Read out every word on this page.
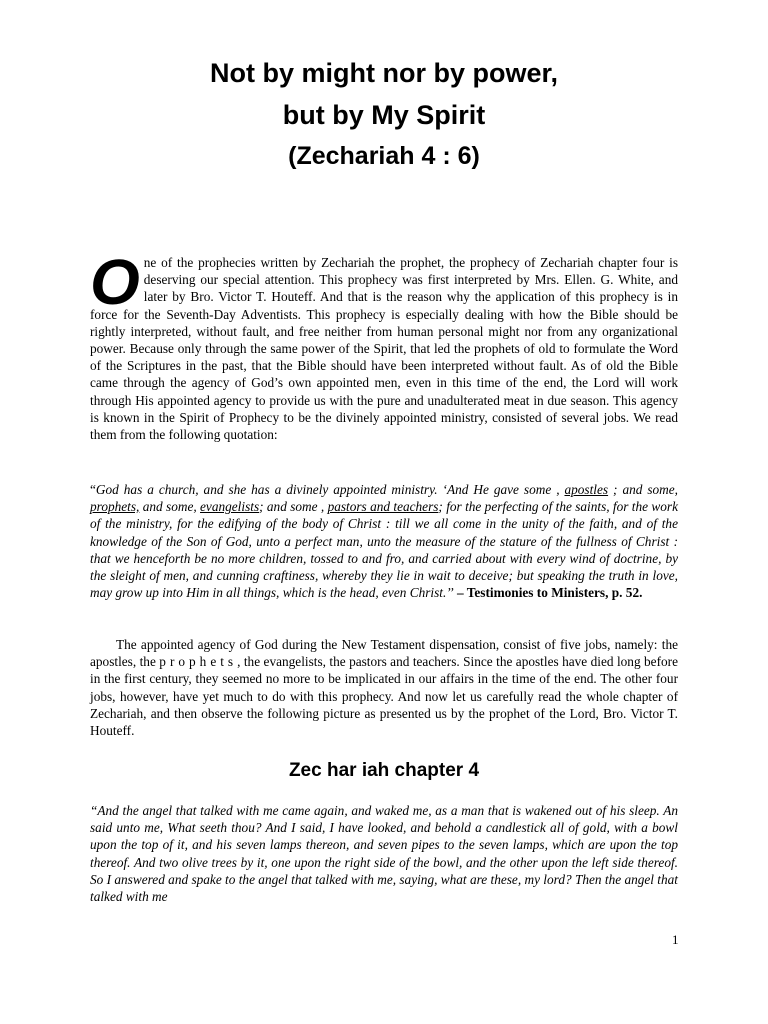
Not by might nor by power,
but by My Spirit
(Zechariah 4 : 6)

One of the prophecies written by Zechariah the prophet, the prophecy of Zechariah chapter four is deserving our special attention. This prophecy was first interpreted by Mrs. Ellen. G. White, and later by Bro. Victor T. Houteff. And that is the reason why the application of this prophecy is in force for the Seventh-Day Adventists. This prophecy is especially dealing with how the Bible should be rightly interpreted, without fault, and free neither from human personal might nor from any organizational power. Because only through the same power of the Spirit, that led the prophets of old to formulate the Word of the Scriptures in the past, that the Bible should have been interpreted without fault. As of old the Bible came through the agency of God’s own appointed men, even in this time of the end, the Lord will work through His appointed agency to provide us with the pure and unadulterated meat in due season. This agency is known in the Spirit of Prophecy to be the divinely appointed ministry, consisted of several jobs. We read them from the following quotation:

“God has a church, and she has a divinely appointed ministry. ‘And He gave some , apostles ; and some, prophets, and some, evangelists; and some , pastors and teachers; for the perfecting of the saints, for the work of the ministry, for the edifying of the body of Christ : till we all come in the unity of the faith, and of the knowledge of the Son of God, unto a perfect man, unto the measure of the stature of the fullness of Christ : that we henceforth be no more children, tossed to and fro, and carried about with every wind of doctrine, by the sleight of men, and cunning craftiness, whereby they lie in wait to deceive; but speaking the truth in love, may grow up into Him in all things, which is the head, even Christ.’’ – Testimonies to Ministers, p. 52.

The appointed agency of God during the New Testament dispensation, consist of five jobs, namely: the apostles, the prophets, the evangelists, the pastors and teachers. Since the apostles have died long before in the first century, they seemed no more to be implicated in our affairs in the time of the end. The other four jobs, however, have yet much to do with this prophecy. And now let us carefully read the whole chapter of Zechariah, and then observe the following picture as presented us by the prophet of the Lord, Bro. Victor T. Houteff.

Zec har iah chapter 4

“And the angel that talked with me came again, and waked me, as a man that is wakened out of his sleep. An said unto me, What seeth thou? And I said, I have looked, and behold a candlestick all of gold, with a bowl upon the top of it, and his seven lamps thereon, and seven pipes to the seven lamps, which are upon the top thereof. And two olive trees by it, one upon the right side of the bowl, and the other upon the left side thereof. So I answered and spake to the angel that talked with me, saying, what are these, my lord? Then the angel that talked with me

1
